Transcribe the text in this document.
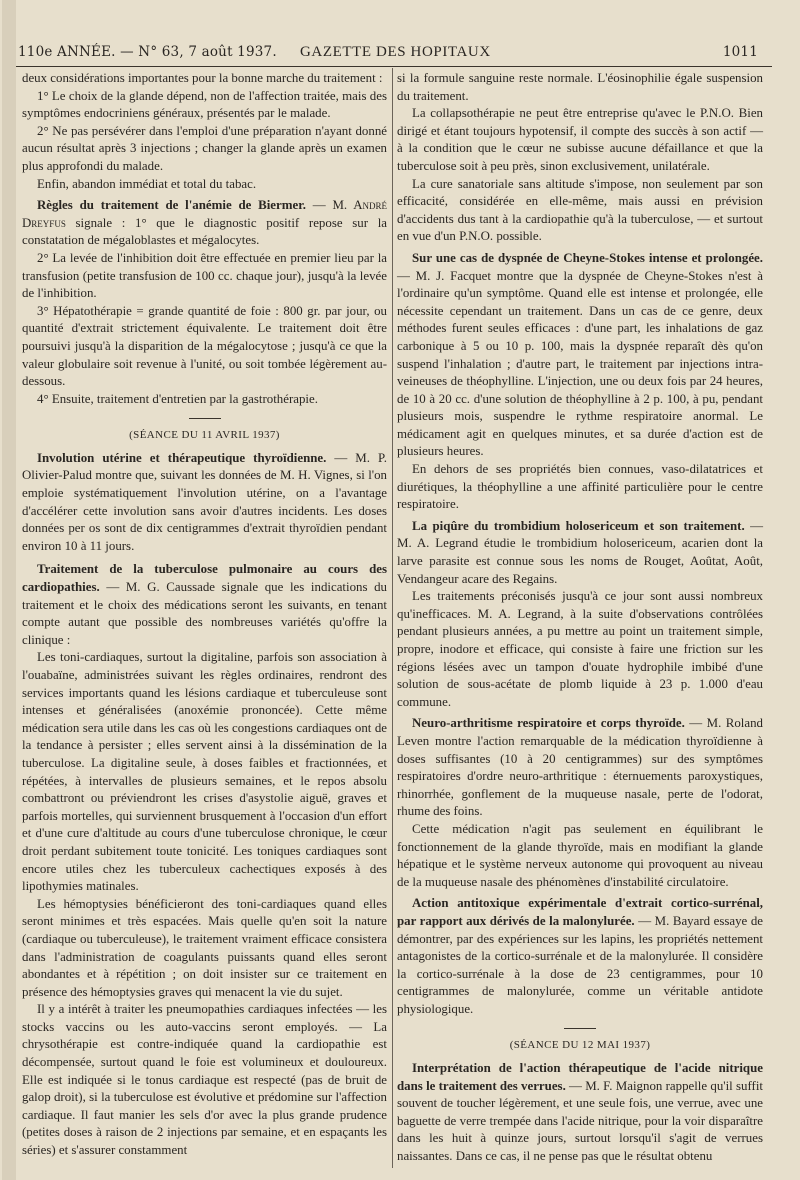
110e ANNÉE. — N° 63, 7 août 1937. GAZETTE DES HOPITAUX	1011

deux considérations importantes pour la bonne marche du traitement :

1° Le choix de la glande dépend, non de l'affection traitée, mais des symptômes endocriniens généraux, présentés par le malade.

2° Ne pas persévérer dans l'emploi d'une préparation n'ayant donné aucun résultat après 3 injections ; changer la glande après un examen plus approfondi du malade.

Enfin, abandon immédiat et total du tabac.

Règles du traitement de l'anémie de Biermer. — M. André Dreyfus signale : 1° que le diagnostic positif repose sur la constatation de mégaloblastes et mégalocytes.

2° La levée de l'inhibition doit être effectuée en premier lieu par la transfusion (petite transfusion de 100 cc. chaque jour), jusqu'à la levée de l'inhibition.

3° Hépatothérapie = grande quantité de foie : 800 gr. par jour, ou quantité d'extrait strictement équivalente. Le traitement doit être poursuivi jusqu'à la disparition de la mégalocytose ; jusqu'à ce que la valeur globulaire soit revenue à l'unité, ou soit tombée légèrement au-dessous.

4° Ensuite, traitement d'entretien par la gastrothérapie.

(SÉANCE DU 11 AVRIL 1937)

Involution utérine et thérapeutique thyroïdienne. — M. P. Olivier-Palud montre que, suivant les données de M. H. Vignes, si l'on emploie systématiquement l'involution utérine, on a l'avantage d'accélérer cette involution sans avoir d'autres incidents. Les doses données per os sont de dix centigrammes d'extrait thyroïdien pendant environ 10 à 11 jours.

Traitement de la tuberculose pulmonaire au cours des cardiopathies. — M. G. Caussade signale que les indications du traitement et le choix des médications seront les suivants, en tenant compte autant que possible des nombreuses variétés qu'offre la clinique :

Les toni-cardiaques, surtout la digitaline, parfois son association à l'ouabaïne, administrées suivant les règles ordinaires, rendront des services importants quand les lésions cardiaque et tuberculeuse sont intenses et généralisées (anoxémie prononcée). Cette même médication sera utile dans les cas où les congestions cardiaques ont de la tendance à persister ; elles servent ainsi à la dissémination de la tuberculose. La digitaline seule, à doses faibles et fractionnées, et répétées, à intervalles de plusieurs semaines, et le repos absolu combattront ou préviendront les crises d'asystolie aiguë, graves et parfois mortelles, qui surviennent brusquement à l'occasion d'un effort et d'une cure d'altitude au cours d'une tuberculose chronique, le cœur droit perdant subitement toute tonicité. Les toniques cardiaques sont encore utiles chez les tuberculeux cachectiques exposés à des lipothymies matinales.

Les hémoptysies bénéficieront des toni-cardiaques quand elles seront minimes et très espacées. Mais quelle qu'en soit la nature (cardiaque ou tuberculeuse), le traitement vraiment efficace consistera dans l'administration de coagulants puissants quand elles seront abondantes et à répétition ; on doit insister sur ce traitement en présence des hémoptysies graves qui menacent la vie du sujet.

Il y a intérêt à traiter les pneumopathies cardiaques infectées — les stocks vaccins ou les auto-vaccins seront employés. — La chrysothérapie est contre-indiquée quand la cardiopathie est décompensée, surtout quand le foie est volumineux et douloureux. Elle est indiquée si le tonus cardiaque est respecté (pas de bruit de galop droit), si la tuberculose est évolutive et prédomine sur l'affection cardiaque. Il faut manier les sels d'or avec la plus grande prudence (petites doses à raison de 2 injections par semaine, et en espaçants les séries) et s'assurer constamment

si la formule sanguine reste normale. L'éosinophilie égale suspension du traitement.

La collapsothérapie ne peut être entreprise qu'avec le P.N.O. Bien dirigé et étant toujours hypotensif, il compte des succès à son actif — à la condition que le cœur ne subisse aucune défaillance et que la tuberculose soit à peu près, sinon exclusivement, unilatérale.

La cure sanatoriale sans altitude s'impose, non seulement par son efficacité, considérée en elle-même, mais aussi en prévision d'accidents dus tant à la cardiopathie qu'à la tuberculose, — et surtout en vue d'un P.N.O. possible.

Sur une cas de dyspnée de Cheyne-Stokes intense et prolongée. — M. J. Facquet montre que la dyspnée de Cheyne-Stokes n'est à l'ordinaire qu'un symptôme. Quand elle est intense et prolongée, elle nécessite cependant un traitement. Dans un cas de ce genre, deux méthodes furent seules efficaces : d'une part, les inhalations de gaz carbonique à 5 ou 10 p. 100, mais la dyspnée reparaît dès qu'on suspend l'inhalation ; d'autre part, le traitement par injections intra-veineuses de théophylline. L'injection, une ou deux fois par 24 heures, de 10 à 20 cc. d'une solution de théophylline à 2 p. 100, à pu, pendant plusieurs mois, suspendre le rythme respiratoire anormal. Le médicament agit en quelques minutes, et sa durée d'action est de plusieurs heures.

En dehors de ses propriétés bien connues, vaso-dilatatrices et diurétiques, la théophylline a une affinité particulière pour le centre respiratoire.

La piqûre du trombidium holosericeum et son traitement. — M. A. Legrand étudie le trombidium holosericeum, acarien dont la larve parasite est connue sous les noms de Rouget, Aoûtat, Août, Vendangeur acare des Regains.

Les traitements préconisés jusqu'à ce jour sont aussi nombreux qu'inefficaces. M. A. Legrand, à la suite d'observations contrôlées pendant plusieurs années, a pu mettre au point un traitement simple, propre, inodore et efficace, qui consiste à faire une friction sur les régions lésées avec un tampon d'ouate hydrophile imbibé d'une solution de sous-acétate de plomb liquide à 23 p. 1.000 d'eau commune.

Neuro-arthritisme respiratoire et corps thyroïde. — M. Roland Leven montre l'action remarquable de la médication thyroïdienne à doses suffisantes (10 à 20 centigrammes) sur des symptômes respiratoires d'ordre neuro-arthritique : éternuements paroxystiques, rhinorrhée, gonflement de la muqueuse nasale, perte de l'odorat, rhume des foins.

Cette médication n'agit pas seulement en équilibrant le fonctionnement de la glande thyroïde, mais en modifiant la glande hépatique et le système nerveux autonome qui provoquent au niveau de la muqueuse nasale des phénomènes d'instabilité circulatoire.

Action antitoxique expérimentale d'extrait cortico-surrénal, par rapport aux dérivés de la malonylurée. — M. Bayard essaye de démontrer, par des expériences sur les lapins, les propriétés nettement antagonistes de la cortico-surrénale et de la malonylurée. Il considère la cortico-surrénale à la dose de 23 centigrammes, pour 10 centigrammes de malonylurée, comme un véritable antidote physiologique.

(SÉANCE DU 12 MAI 1937)

Interprétation de l'action thérapeutique de l'acide nitrique dans le traitement des verrues. — M. F. Maignon rappelle qu'il suffit souvent de toucher légèrement, et une seule fois, une verrue, avec une baguette de verre trempée dans l'acide nitrique, pour la voir disparaître dans les huit à quinze jours, surtout lorsqu'il s'agit de verrues naissantes. Dans ce cas, il ne pense pas que le résultat obtenu
